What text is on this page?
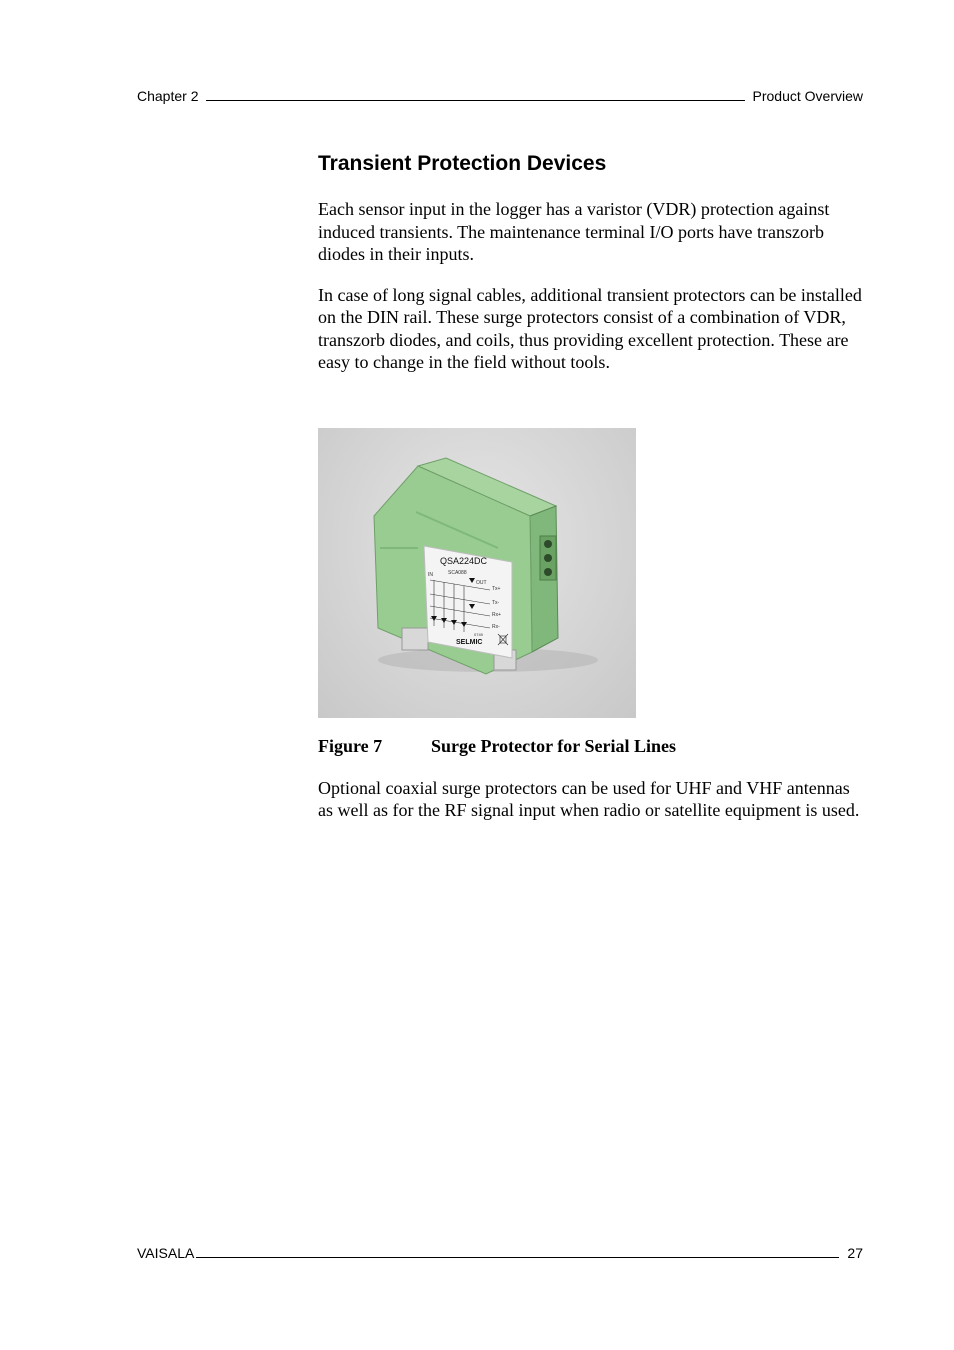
Chapter 2	Product Overview
Transient Protection Devices

Each sensor input in the logger has a varistor (VDR) protection against induced transients. The maintenance terminal I/O ports have transzorb diodes in their inputs.

In case of long signal cables, additional transient protectors can be installed on the DIN rail. These surge protectors consist of a combination of VDR, transzorb diodes, and coils, thus providing excellent protection. These are easy to change in the field without tools.

QSA224DC
SCA088
IN
OUT
Tx+
Tx-
Rx+
Rx-
0749
SELMIC
Figure 7	Surge Protector for Serial Lines

Optional coaxial surge protectors can be used for UHF and VHF antennas as well as for the RF signal input when radio or satellite equipment is used.

VAISALA	27
